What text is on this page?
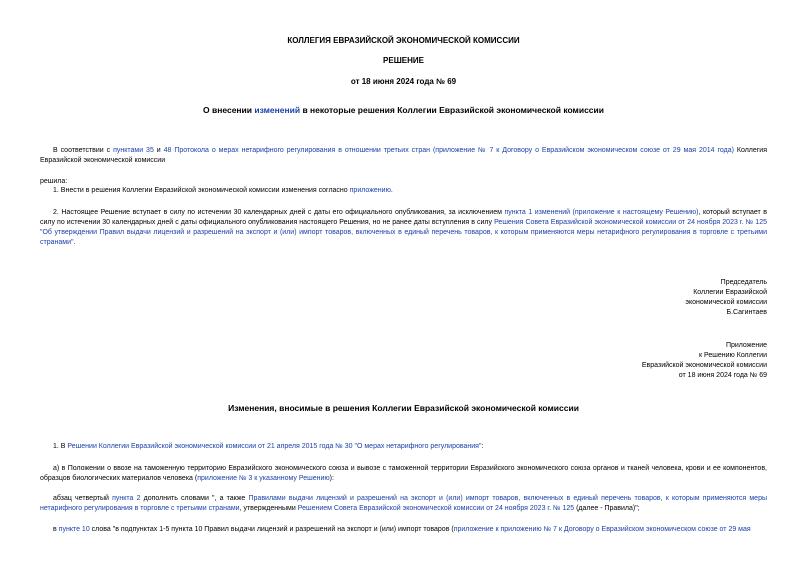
КОЛЛЕГИЯ ЕВРАЗИЙСКОЙ ЭКОНОМИЧЕСКОЙ КОМИССИИ
РЕШЕНИЕ
от 18 июня 2024 года № 69
О внесении изменений в некоторые решения Коллегии Евразийской экономической комиссии
В соответствии с пунктами 35 и 48 Протокола о мерах нетарифного регулирования в отношении третьих стран (приложение № 7 к Договору о Евразийском экономическом союзе от 29 мая 2014 года) Коллегия Евразийской экономической комиссии
решила:
1. Внести в решения Коллегии Евразийской экономической комиссии изменения согласно приложению.
2. Настоящее Решение вступает в силу по истечении 30 календарных дней с даты его официального опубликования, за исключением пункта 1 изменений (приложение к настоящему Решению), который вступает в силу по истечении 30 календарных дней с даты официального опубликования настоящего Решения, но не ранее даты вступления в силу Решения Совета Евразийской экономической комиссии от 24 ноября 2023 г. № 125 "Об утверждении Правил выдачи лицензий и разрешений на экспорт и (или) импорт товаров, включенных в единый перечень товаров, к которым применяются меры нетарифного регулирования в торговле с третьими странами".
Председатель
Коллегии Евразийской
экономической комиссии
Б.Сагинтаев
Приложение
к Решению Коллегии
Евразийской экономической комиссии
от 18 июня 2024 года № 69
Изменения, вносимые в решения Коллегии Евразийской экономической комиссии
1. В Решении Коллегии Евразийской экономической комиссии от 21 апреля 2015 года № 30 "О мерах нетарифного регулирования":
а) в Положении о ввозе на таможенную территорию Евразийского экономического союза и вывозе с таможенной территории Евразийского экономического союза органов и тканей человека, крови и ее компонентов, образцов биологических материалов человека (приложение № 3 к указанному Решению):
абзац четвертый пункта 2 дополнить словами ", а также Правилами выдачи лицензий и разрешений на экспорт и (или) импорт товаров, включенных в единый перечень товаров, к которым применяются меры нетарифного регулирования в торговле с третьими странами, утвержденными Решением Совета Евразийской экономической комиссии от 24 ноября 2023 г. № 125 (далее - Правила)";
в пункте 10 слова "в подпунктах 1-5 пункта 10 Правил выдачи лицензий и разрешений на экспорт и (или) импорт товаров (приложение к приложению № 7 к Договору о Евразийском экономическом союзе от 29 мая
